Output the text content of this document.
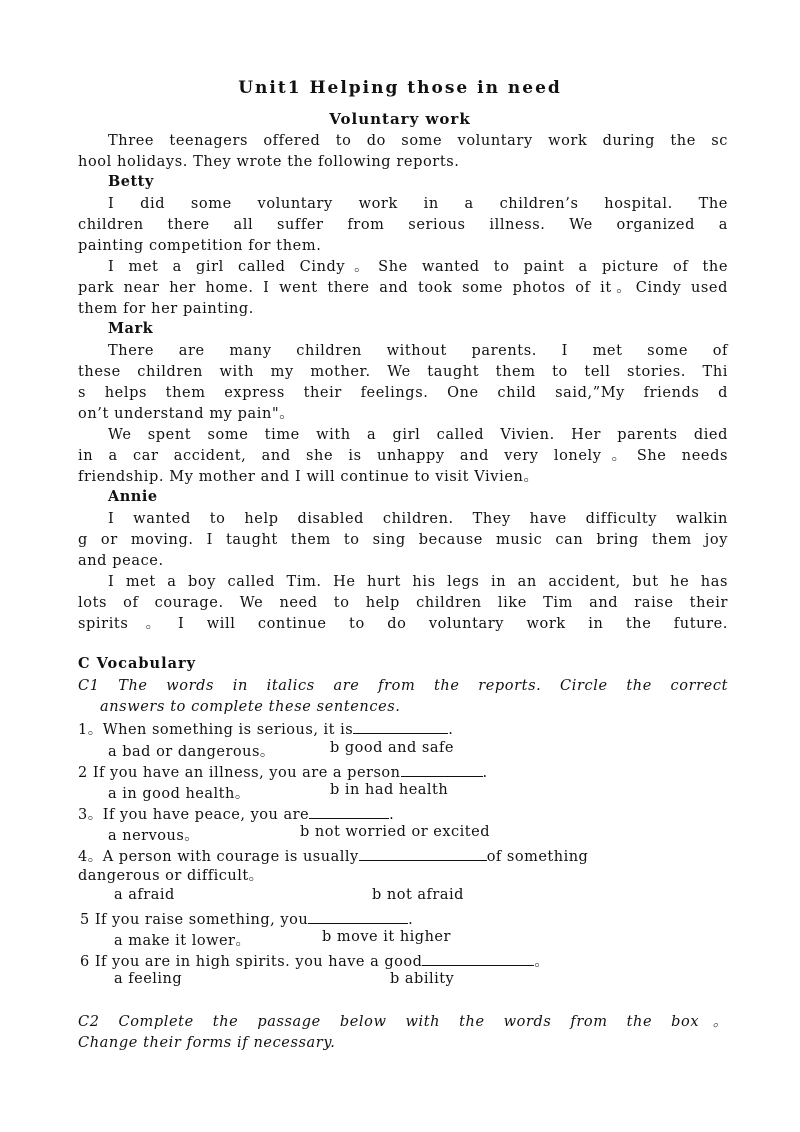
Unit1 Helping those in need
Voluntary work
Three teenagers offered to do some voluntary work during the sc
hool holidays. They wrote the following reports.
Betty
I did some voluntary work in a children’s hospital. The
children there all suffer from serious illness. We organized a
painting competition for them.
I met a girl called Cindy。She wanted to paint a picture of the
park near her home. I went there and took some photos of it。Cindy used
them for her painting.
Mark
There are many children without parents. I met some of
these children with my mother. We taught them to tell stories. Thi
s helps them express their feelings. One child said,”My friends d
on’t understand my pain"。
We spent some time with a girl called Vivien. Her parents died
in a car accident, and she is unhappy and very lonely。She needs
friendship. My mother and I will continue to visit Vivien。
Annie
I wanted to help disabled children. They have difficulty walkin
g or moving. I taught them to sing because music can bring them joy
and peace.
I met a boy called Tim. He hurt his legs in an accident, but he has
lots of courage. We need to help children like Tim and raise their
spirits。I will continue to do voluntary work in the future.
C Vocabulary
C1 The words in italics are from the reports. Circle the correct
answers to complete these sentences.
1。When something is serious, it is	.
a bad or dangerous。	b good and safe
2 If you have an illness, you are a person	.
a in good health。	b in had health
3。If you have peace, you are	.
a nervous。	b not worried or excited
4。A person with courage is usually	of something
dangerous or difficult。
a afraid	b not afraid
5 If you raise something, you	.
a make it lower。	b move it higher
6 If you are in high spirits. you have a good	。
a feeling	b ability
C2 Complete the passage below with the words from the box。
Change their forms if necessary.
